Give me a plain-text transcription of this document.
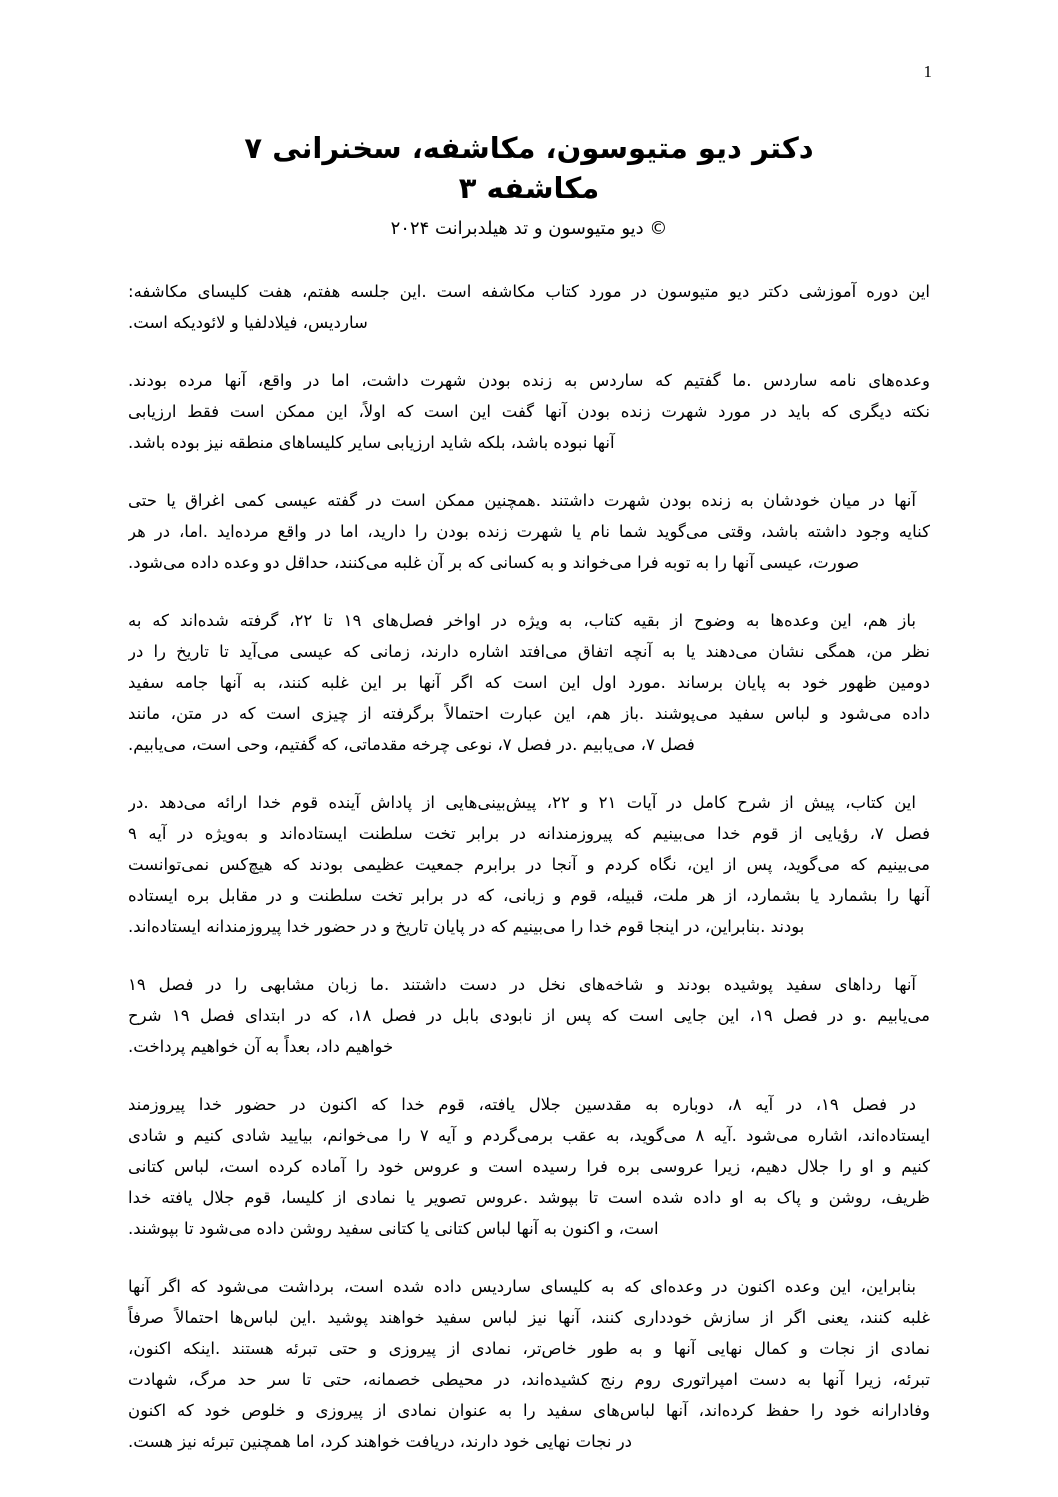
1
دکتر دیو متیوسون، مکاشفه، سخنرانی ۷
مکاشفه ۳
دیو متیوسون و تد هیلدبرانت ۲۰۲۴ ©
:این دوره آموزشی دکتر دیو متیوسون در مورد کتاب مکاشفه است .این جلسه هفتم، هفت کلیسای مکاشفه
.ساردیس، فیلادلفیا و لائودیکه است
.وعده‌های نامه ساردس .ما گفتیم که ساردس به زنده بودن شهرت داشت، اما در واقع، آنها مرده بودند
نکته دیگری که باید در مورد شهرت زنده بودن آنها گفت این است که اولاً، این ممکن است فقط ارزیابی
.آنها نبوده باشد، بلکه شاید ارزیابی سایر کلیساهای منطقه نیز بوده باشد
آنها در میان خودشان به زنده بودن شهرت داشتند .همچنین ممکن است در گفته عیسی کمی اغراق یا حتی
کنایه وجود داشته باشد، وقتی می‌گوید شما نام یا شهرت زنده بودن را دارید، اما در واقع مرده‌اید .اما، در هر
.صورت، عیسی آنها را به توبه فرا می‌خواند و به کسانی که بر آن غلبه می‌کنند، حداقل دو وعده داده می‌شود
باز هم، این وعده‌ها به وضوح از بقیه کتاب، به ویژه در اواخر فصل‌های ۱۹ تا ۲۲، گرفته شده‌اند که به
نظر من، همگی نشان می‌دهند یا به آنچه اتفاق می‌افتد اشاره دارند، زمانی که عیسی می‌آید تا تاریخ را در
دومین ظهور خود به پایان برساند .مورد اول این است که اگر آنها بر این غلبه کنند، به آنها جامه سفید
داده می‌شود و لباس سفید می‌پوشند .باز هم، این عبارت احتمالاً برگرفته از چیزی است که در متن، مانند
.فصل ۷، می‌یابیم .در فصل ۷، نوعی چرخه مقدماتی، که گفتیم، وحی است، می‌یابیم
این کتاب، پیش از شرح کامل در آیات ۲۱ و ۲۲، پیش‌بینی‌هایی از پاداش آینده قوم خدا ارائه می‌دهد .در
فصل ۷، رؤیایی از قوم خدا می‌بینیم که پیروزمندانه در برابر تخت سلطنت ایستاده‌اند و به‌ویژه در آیه ۹
می‌بینیم که می‌گوید، پس از این، نگاه کردم و آنجا در برابرم جمعیت عظیمی بودند که هیچ‌کس نمی‌توانست
آنها را بشمارد یا بشمارد، از هر ملت، قبیله، قوم و زبانی، که در برابر تخت سلطنت و در مقابل بره ایستاده
.بودند .بنابراین، در اینجا قوم خدا را می‌بینیم که در پایان تاریخ و در حضور خدا پیروزمندانه ایستاده‌اند
آنها رداهای سفید پوشیده بودند و شاخه‌های نخل در دست داشتند .ما زبان مشابهی را در فصل ۱۹
می‌یابیم .و در فصل ۱۹، این جایی است که پس از نابودی بابل در فصل ۱۸، که در ابتدای فصل ۱۹ شرح
.خواهیم داد، بعداً به آن خواهیم پرداخت
در فصل ۱۹، در آیه ۸، دوباره به مقدسین جلال یافته، قوم خدا که اکنون در حضور خدا پیروزمند
ایستاده‌اند، اشاره می‌شود .آیه ۸ می‌گوید، به عقب برمی‌گردم و آیه ۷ را می‌خوانم، بیایید شادی کنیم و شادی
کنیم و او را جلال دهیم، زیرا عروسی بره فرا رسیده است و عروس خود را آماده کرده است، لباس کتانی
ظریف، روشن و پاک به او داده شده است تا بپوشد .عروس تصویر یا نمادی از کلیسا، قوم جلال یافته خدا
.است، و اکنون به آنها لباس کتانی یا کتانی سفید روشن داده می‌شود تا بپوشند
بنابراین، این وعده اکنون در وعده‌ای که به کلیسای ساردیس داده شده است، برداشت می‌شود که اگر آنها
غلبه کنند، یعنی اگر از سازش خودداری کنند، آنها نیز لباس سفید خواهند پوشید .این لباس‌ها احتمالاً صرفاً
،نمادی از نجات و کمال نهایی آنها و به طور خاص‌تر، نمادی از پیروزی و حتی تبرئه هستند .اینکه اکنون
تبرئه، زیرا آنها به دست امپراتوری روم رنج کشیده‌اند، در محیطی خصمانه، حتی تا سر حد مرگ، شهادت
وفادارانه خود را حفظ کرده‌اند، آنها لباس‌های سفید را به عنوان نمادی از پیروزی و خلوص خود که اکنون
.در نجات نهایی خود دارند، دریافت خواهند کرد، اما همچنین تبرئه نیز هست
